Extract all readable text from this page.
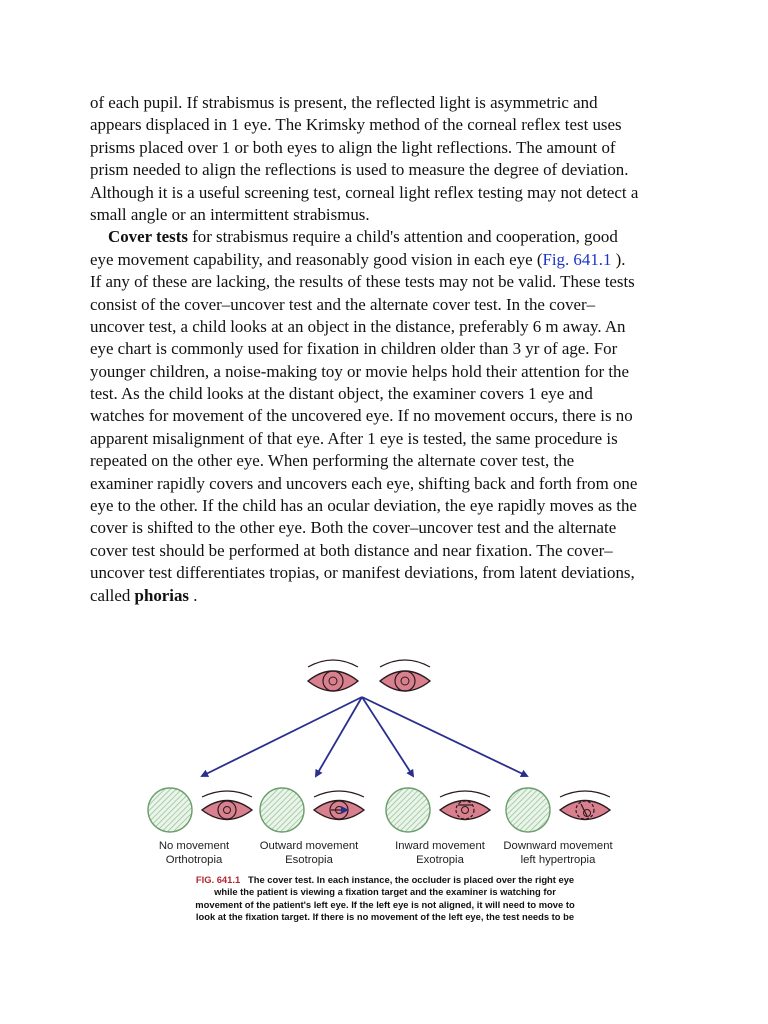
of each pupil. If strabismus is present, the reflected light is asymmetric and
appears displaced in 1 eye. The Krimsky method of the corneal reflex test uses
prisms placed over 1 or both eyes to align the light reflections. The amount of
prism needed to align the reflections is used to measure the degree of deviation.
Although it is a useful screening test, corneal light reflex testing may not detect a
small angle or an intermittent strabismus.
Cover tests for strabismus require a child's attention and cooperation, good
eye movement capability, and reasonably good vision in each eye (Fig. 641.1 ).
If any of these are lacking, the results of these tests may not be valid. These tests
consist of the cover–uncover test and the alternate cover test. In the cover–
uncover test, a child looks at an object in the distance, preferably 6 m away. An
eye chart is commonly used for fixation in children older than 3 yr of age. For
younger children, a noise-making toy or movie helps hold their attention for the
test. As the child looks at the distant object, the examiner covers 1 eye and
watches for movement of the uncovered eye. If no movement occurs, there is no
apparent misalignment of that eye. After 1 eye is tested, the same procedure is
repeated on the other eye. When performing the alternate cover test, the
examiner rapidly covers and uncovers each eye, shifting back and forth from one
eye to the other. If the child has an ocular deviation, the eye rapidly moves as the
cover is shifted to the other eye. Both the cover–uncover test and the alternate
cover test should be performed at both distance and near fixation. The cover–
uncover test differentiates tropias, or manifest deviations, from latent deviations,
called phorias .
No movement
Orthotropia
Outward movement
Esotropia
Inward movement
Exotropia
Downward movement
left hypertropia
FIG. 641.1 The cover test. In each instance, the occluder is placed over the right eye
while the patient is viewing a fixation target and the examiner is watching for
movement of the patient's left eye. If the left eye is not aligned, it will need to move to
look at the fixation target. If there is no movement of the left eye, the test needs to be
